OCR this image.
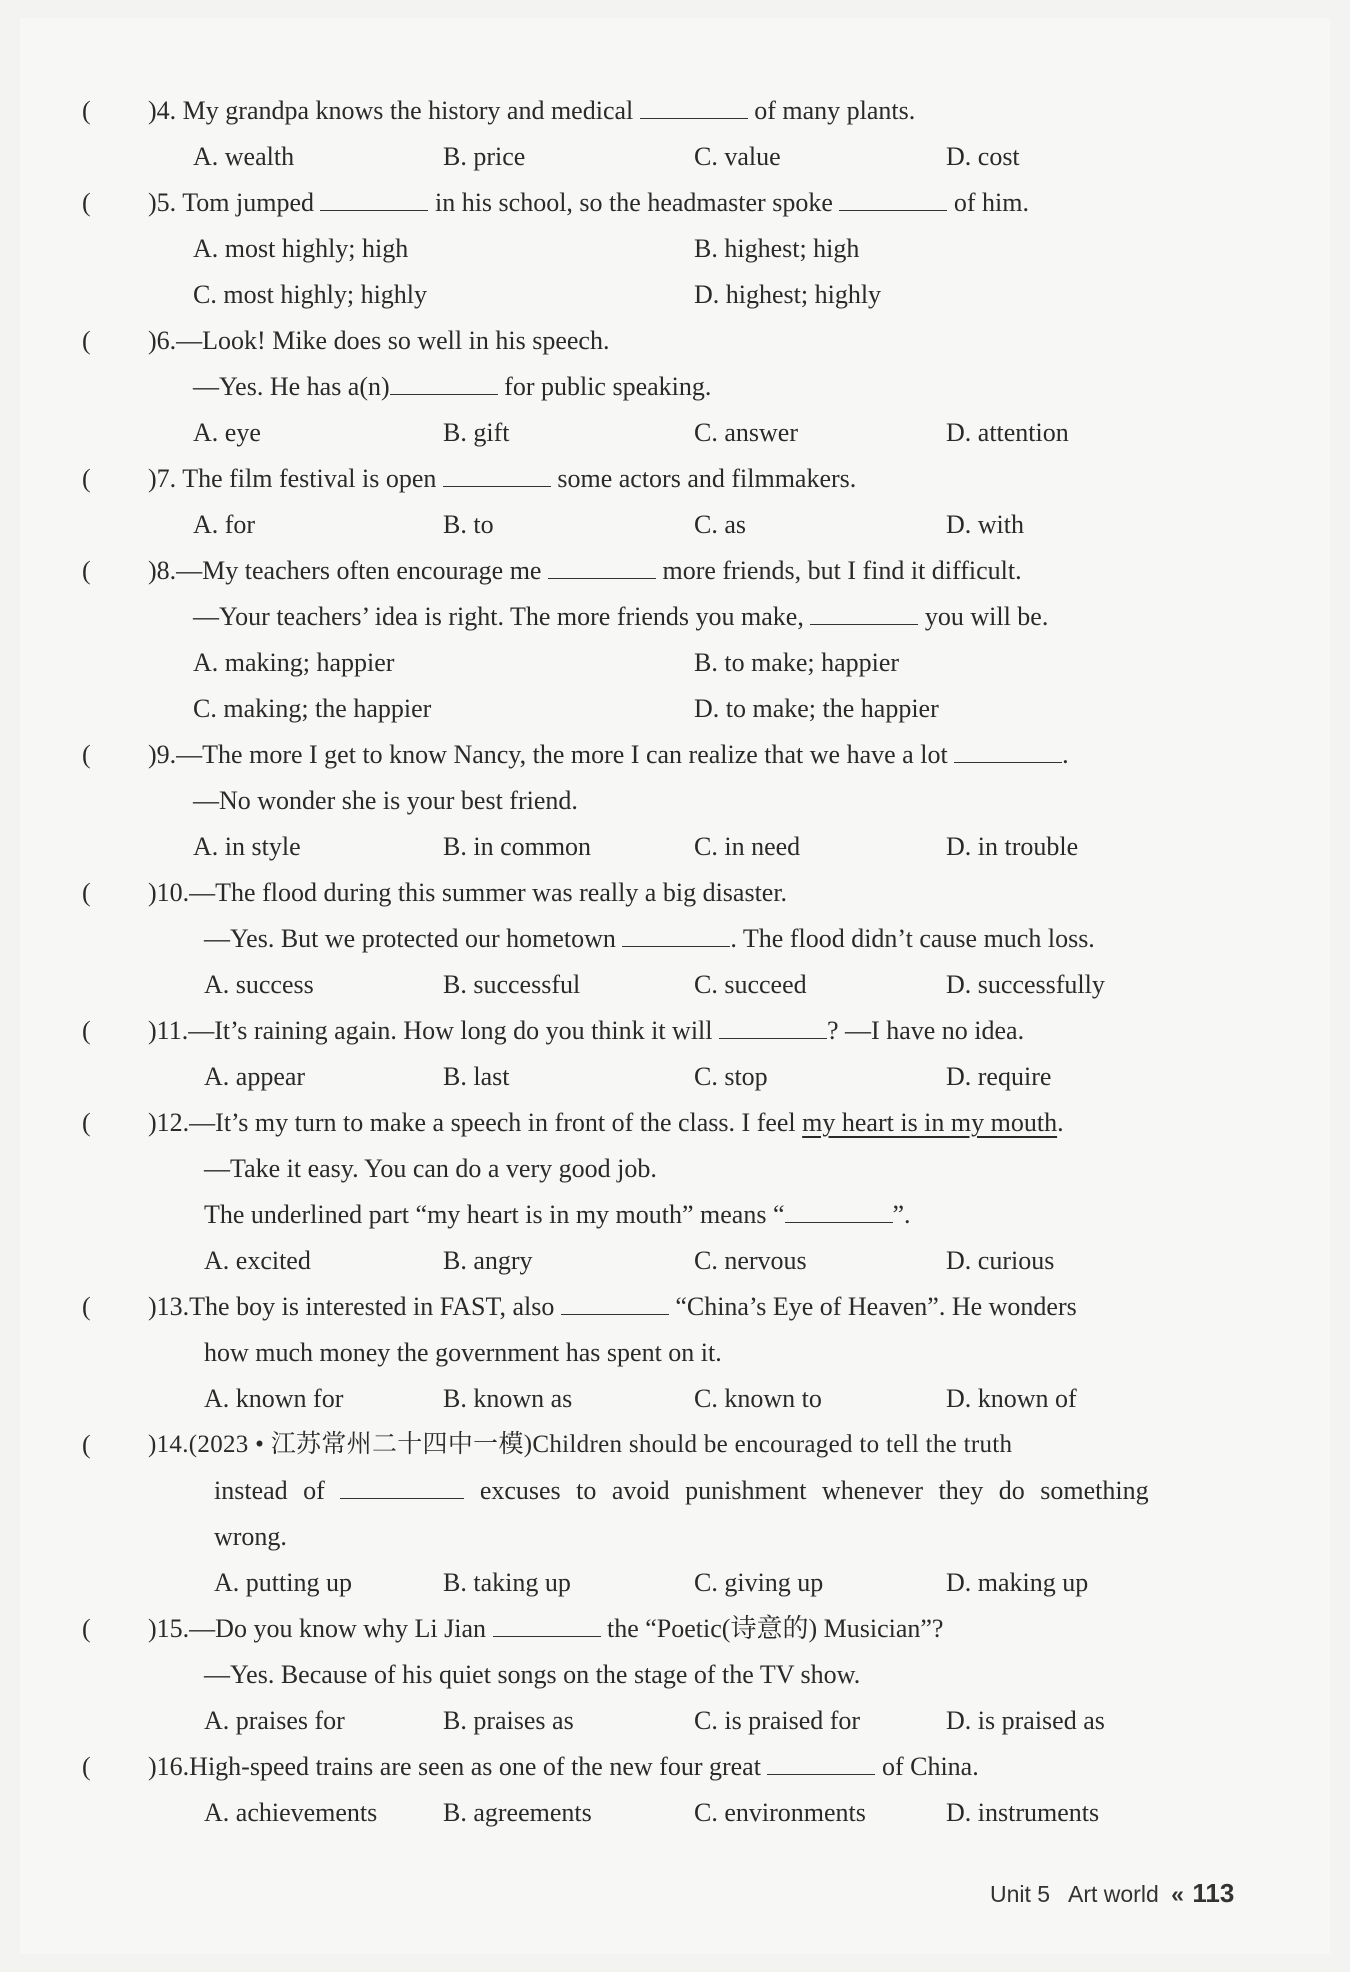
( )4. My grandpa knows the history and medical	of many plants.
A. wealth	B. price	C. value	D. cost
( )5. Tom jumped	in his school, so the headmaster spoke	of him.
A. most highly; high	B. highest; high
C. most highly; highly	D. highest; highly
( )6.—Look! Mike does so well in his speech.
—Yes. He has a(n)	for public speaking.
A. eye	B. gift	C. answer	D. attention
( )7. The film festival is open	some actors and filmmakers.
A. for	B. to	C. as	D. with
( )8.—My teachers often encourage me	more friends, but I find it difficult.
—Your teachers’ idea is right. The more friends you make,	you will be.
A. making; happier	B. to make; happier
C. making; the happier	D. to make; the happier
( )9.—The more I get to know Nancy, the more I can realize that we have a lot	.
—No wonder she is your best friend.
A. in style	B. in common	C. in need	D. in trouble
( )10.—The flood during this summer was really a big disaster.
—Yes. But we protected our hometown	. The flood didn’t cause much loss.
A. success	B. successful	C. succeed	D. successfully
( )11.—It’s raining again. How long do you think it will	? —I have no idea.
A. appear	B. last	C. stop	D. require
( )12.—It’s my turn to make a speech in front of the class. I feel my heart is in my mouth.
—Take it easy. You can do a very good job.
The underlined part “my heart is in my mouth” means “	”.
A. excited	B. angry	C. nervous	D. curious
( )13.The boy is interested in FAST, also	“China’s Eye of Heaven”. He wonders
how much money the government has spent on it.
A. known for	B. known as	C. known to	D. known of
( )14.(2023 • 江苏常州二十四中一模)Children should be encouraged to tell the truth
instead of	excuses to avoid punishment whenever they do something
wrong.
A. putting up	B. taking up	C. giving up	D. making up
( )15.—Do you know why Li Jian	the “Poetic(诗意的) Musician”?
—Yes. Because of his quiet songs on the stage of the TV show.
A. praises for	B. praises as	C. is praised for	D. is praised as
( )16.High-speed trains are seen as one of the new four great	of China.
A. achievements	B. agreements	C. environments	D. instruments
Unit 5 Art world « 113
